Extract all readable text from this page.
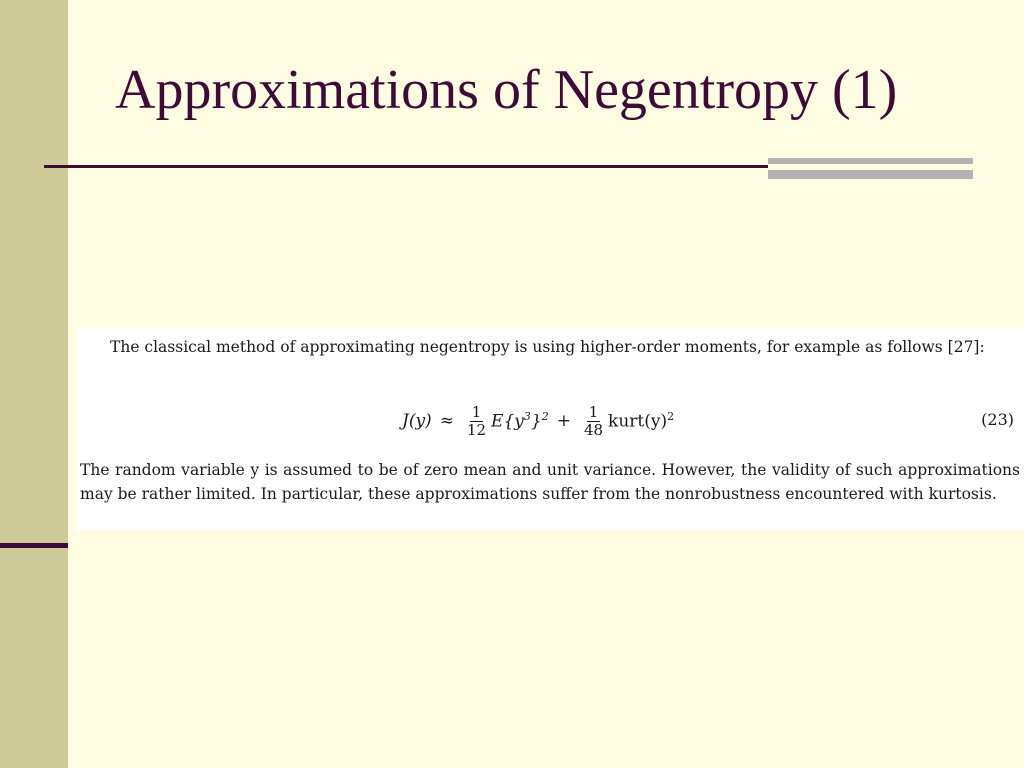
Approximations of Negentropy (1)
The classical method of approximating negentropy is using higher-order moments, for example as follows [27]:
$J(y) \approx \frac{1}{12} E\{y^3\}^2 + \frac{1}{48}$ $kurt(y)^2$	(23)
The random variable y is assumed to be of zero mean and unit variance. However, the validity of such approximations may be rather limited. In particular, these approximations suffer from the nonrobustness encountered with kurtosis.
